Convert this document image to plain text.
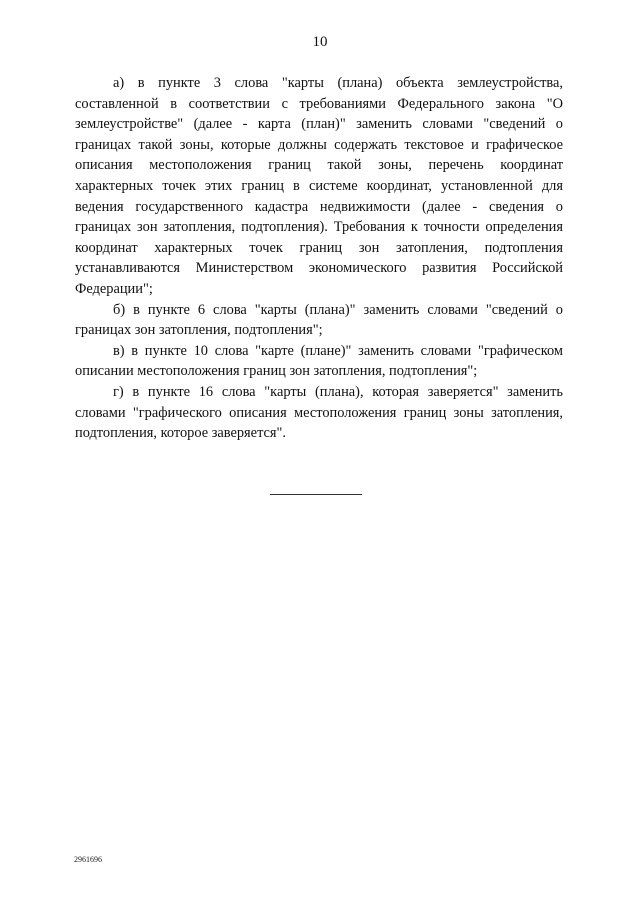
10

а) в пункте 3 слова "карты (плана) объекта землеустройства, составленной в соответствии с требованиями Федерального закона "О землеустройстве" (далее - карта (план)" заменить словами "сведений о границах такой зоны, которые должны содержать текстовое и графическое описания местоположения границ такой зоны, перечень координат характерных точек этих границ в системе координат, установленной для ведения государственного кадастра недвижимости (далее - сведения о границах зон затопления, подтопления). Требования к точности определения координат характерных точек границ зон затопления, подтопления устанавливаются Министерством экономического развития Российской Федерации";

б) в пункте 6 слова "карты (плана)" заменить словами "сведений о границах зон затопления, подтопления";

в) в пункте 10 слова "карте (плане)" заменить словами "графическом описании местоположения границ зон затопления, подтопления";

г) в пункте 16 слова "карты (плана), которая заверяется" заменить словами "графического описания местоположения границ зоны затопления, подтопления, которое заверяется".

2961696
